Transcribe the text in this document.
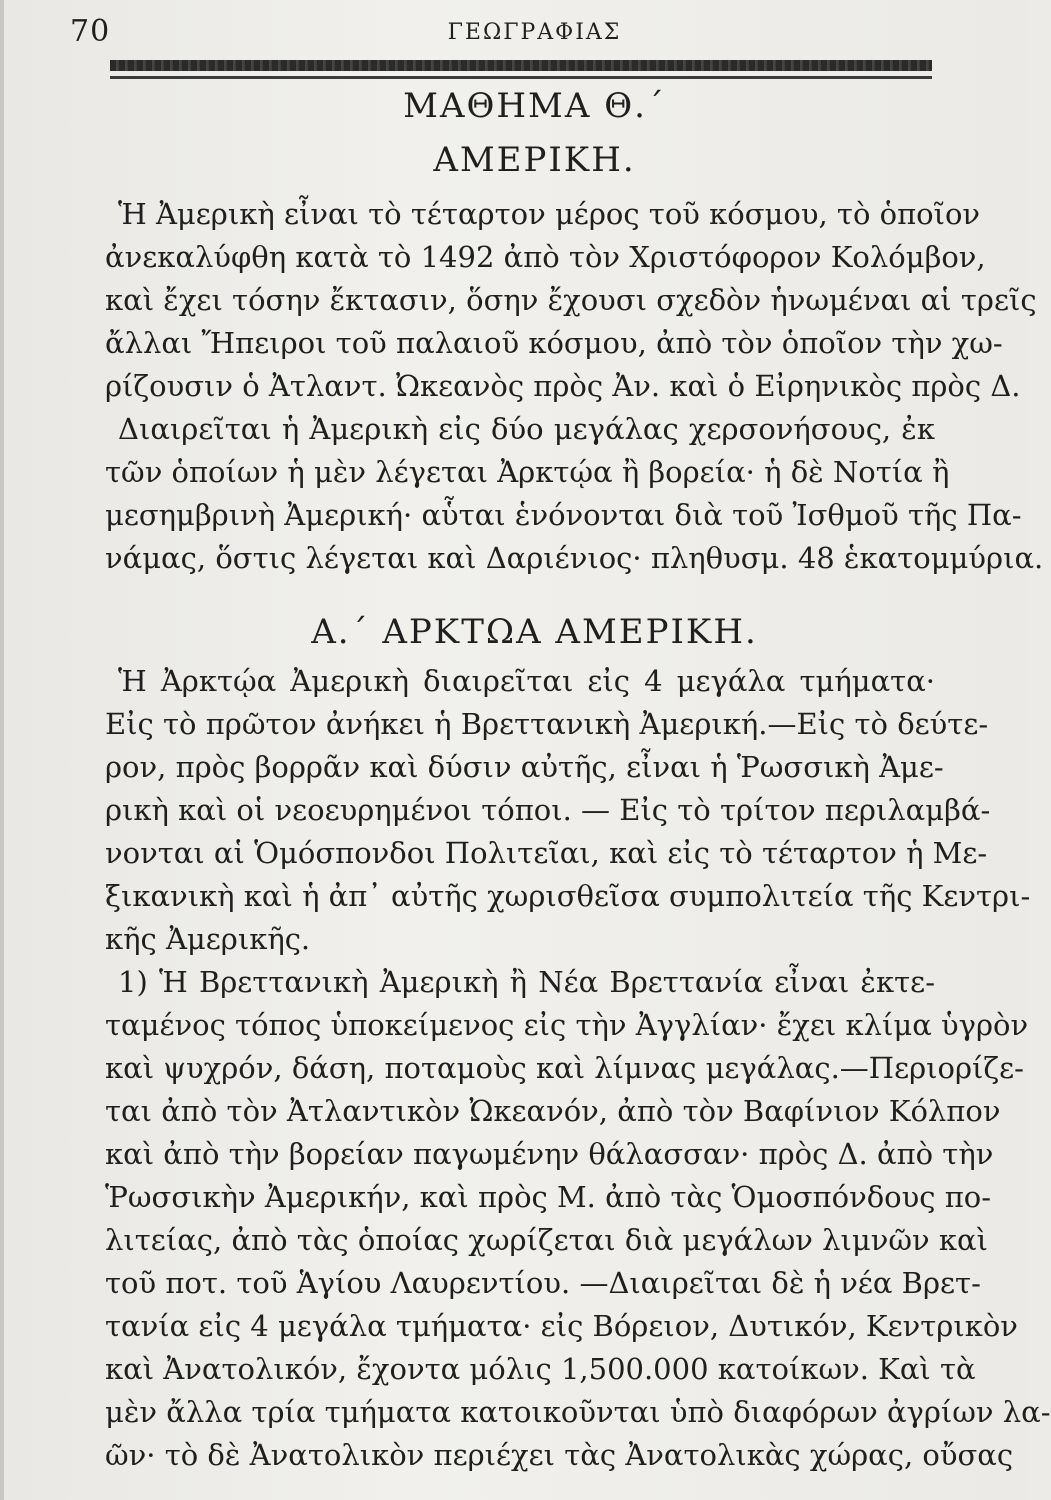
70	ΓΕΩΓΡΑΦΙΑΣ
ΜΑΘΗΜΑ Θ.΄
ΑΜΕΡΙΚΗ.
Ἡ Ἀμερικὴ εἶναι τὸ τέταρτον μέρος τοῦ κόσμου, τὸ ὁποῖον
ἀνεκαλύφθη κατὰ τὸ 1492 ἀπὸ τὸν Χριστόφορον Κολόμβον,
καὶ ἔχει τόσην ἔκτασιν, ὅσην ἔχουσι σχεδὸν ἡνωμέναι αἱ τρεῖς
ἄλλαι Ἤπειροι τοῦ παλαιοῦ κόσμου, ἀπὸ τὸν ὁποῖον τὴν χω-
ρίζουσιν ὁ Ἀτλαντ. Ὠκεανὸς πρὸς Ἀν. καὶ ὁ Εἰρηνικὸς πρὸς Δ.
Διαιρεῖται ἡ Ἀμερικὴ εἰς δύο μεγάλας χερσονήσους, ἐκ
τῶν ὁποίων ἡ μὲν λέγεται Ἀρκτῴα ἢ βορεία· ἡ δὲ Νοτία ἢ
μεσημβρινὴ Ἀμερική· αὗται ἑνόνονται διὰ τοῦ Ἰσθμοῦ τῆς Πα-
νάμας, ὅστις λέγεται καὶ Δαριένιος· πληθυσμ. 48 ἑκατομμύρια.
Α.΄ ΑΡΚΤΩΑ ΑΜΕΡΙΚΗ.
Ἡ Ἀρκτῴα Ἀμερικὴ διαιρεῖται εἰς 4 μεγάλα τμήματα·
Εἰς τὸ πρῶτον ἀνήκει ἡ Βρεττανικὴ Ἀμερική.—Εἰς τὸ δεύτε-
ρον, πρὸς βορρᾶν καὶ δύσιν αὐτῆς, εἶναι ἡ Ῥωσσικὴ Ἀμε-
ρικὴ καὶ οἱ νεοευρημένοι τόποι. — Εἰς τὸ τρίτον περιλαμβά-
νονται αἱ Ὁμόσπονδοι Πολιτεῖαι, καὶ εἰς τὸ τέταρτον ἡ Με-
ξικανικὴ καὶ ἡ ἀπ᾽ αὐτῆς χωρισθεῖσα συμπολιτεία τῆς Κεντρι-
κῆς Ἀμερικῆς.
1) Ἡ Βρεττανικὴ Ἀμερικὴ ἢ Νέα Βρεττανία εἶναι ἐκτε-
ταμένος τόπος ὑποκείμενος εἰς τὴν Ἀγγλίαν· ἔχει κλίμα ὑγρὸν
καὶ ψυχρόν, δάση, ποταμοὺς καὶ λίμνας μεγάλας.—Περιορίζε-
ται ἀπὸ τὸν Ἀτλαντικὸν Ὠκεανόν, ἀπὸ τὸν Βαφίνιον Κόλπον
καὶ ἀπὸ τὴν βορείαν παγωμένην θάλασσαν· πρὸς Δ. ἀπὸ τὴν
Ῥωσσικὴν Ἀμερικήν, καὶ πρὸς Μ. ἀπὸ τὰς Ὁμοσπόνδους πο-
λιτείας, ἀπὸ τὰς ὁποίας χωρίζεται διὰ μεγάλων λιμνῶν καὶ
τοῦ ποτ. τοῦ Ἁγίου Λαυρεντίου. —Διαιρεῖται δὲ ἡ νέα Βρετ-
τανία εἰς 4 μεγάλα τμήματα· εἰς Βόρειον, Δυτικόν, Κεντρικὸν
καὶ Ἀνατολικόν, ἔχοντα μόλις 1,500.000 κατοίκων. Καὶ τὰ
μὲν ἄλλα τρία τμήματα κατοικοῦνται ὑπὸ διαφόρων ἀγρίων λα-
ῶν· τὸ δὲ Ἀνατολικὸν περιέχει τὰς Ἀνατολικὰς χώρας, οὔσας
